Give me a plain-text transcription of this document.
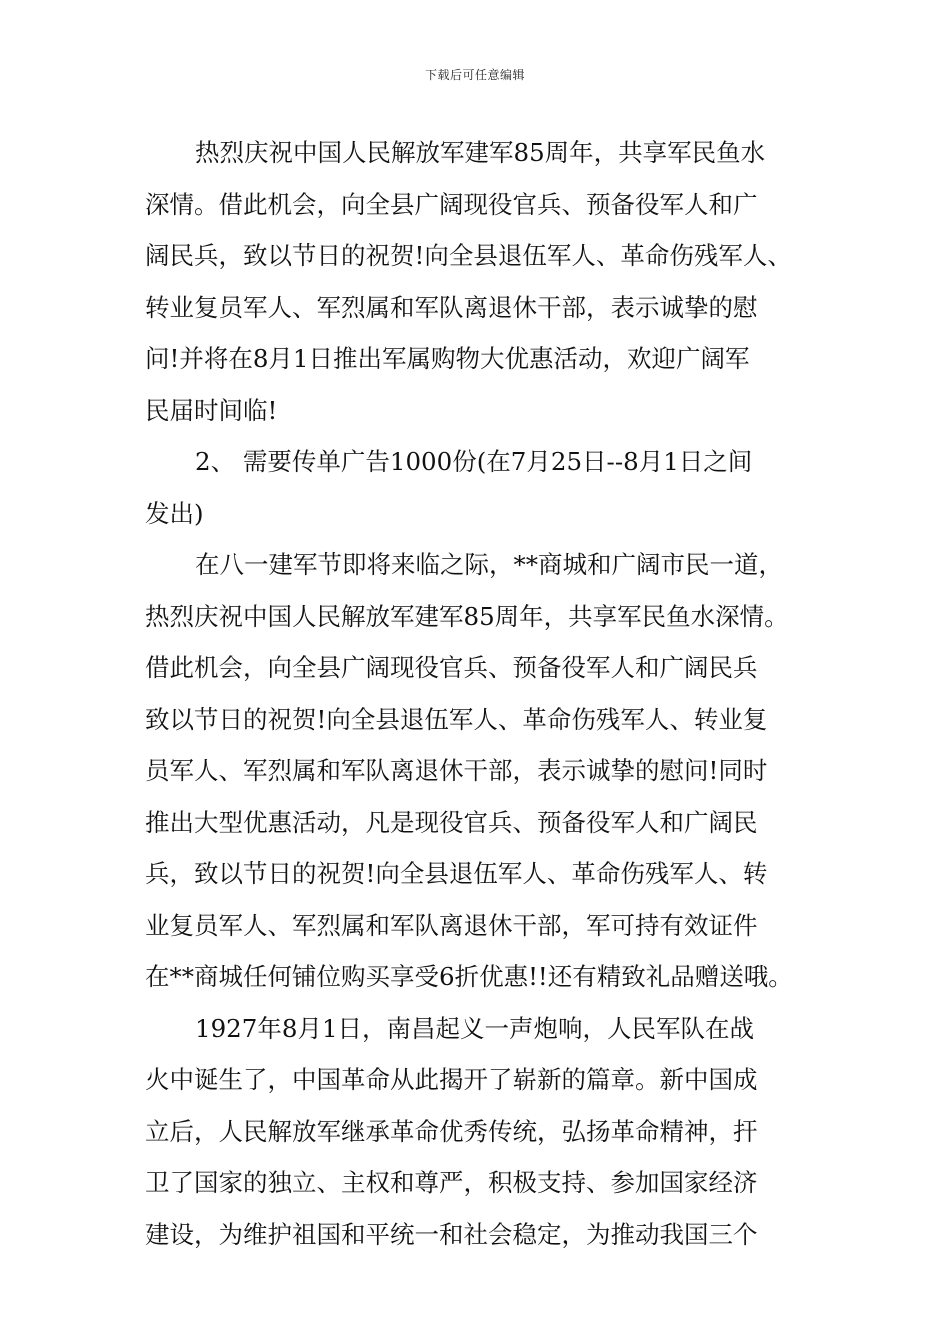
下载后可任意编辑
热烈庆祝中国人民解放军建军85周年，共享军民鱼水
深情。借此机会，向全县广阔现役官兵、预备役军人和广
阔民兵，致以节日的祝贺!向全县退伍军人、革命伤残军人、
转业复员军人、军烈属和军队离退休干部，表示诚挚的慰
问!并将在8月1日推出军属购物大优惠活动，欢迎广阔军
民届时间临!
2、 需要传单广告1000份(在7月25日--8月1日之间
发出)
在八一建军节即将来临之际，**商城和广阔市民一道，
热烈庆祝中国人民解放军建军85周年，共享军民鱼水深情。
借此机会，向全县广阔现役官兵、预备役军人和广阔民兵
致以节日的祝贺!向全县退伍军人、革命伤残军人、转业复
员军人、军烈属和军队离退休干部，表示诚挚的慰问!同时
推出大型优惠活动，凡是现役官兵、预备役军人和广阔民
兵，致以节日的祝贺!向全县退伍军人、革命伤残军人、转
业复员军人、军烈属和军队离退休干部，军可持有效证件
在**商城任何铺位购买享受6折优惠!!还有精致礼品赠送哦。
1927年8月1日，南昌起义一声炮响，人民军队在战
火中诞生了，中国革命从此揭开了崭新的篇章。新中国成
立后，人民解放军继承革命优秀传统，弘扬革命精神，扞
卫了国家的独立、主权和尊严，积极支持、参加国家经济
建设，为维护祖国和平统一和社会稳定，为推动我国三个
